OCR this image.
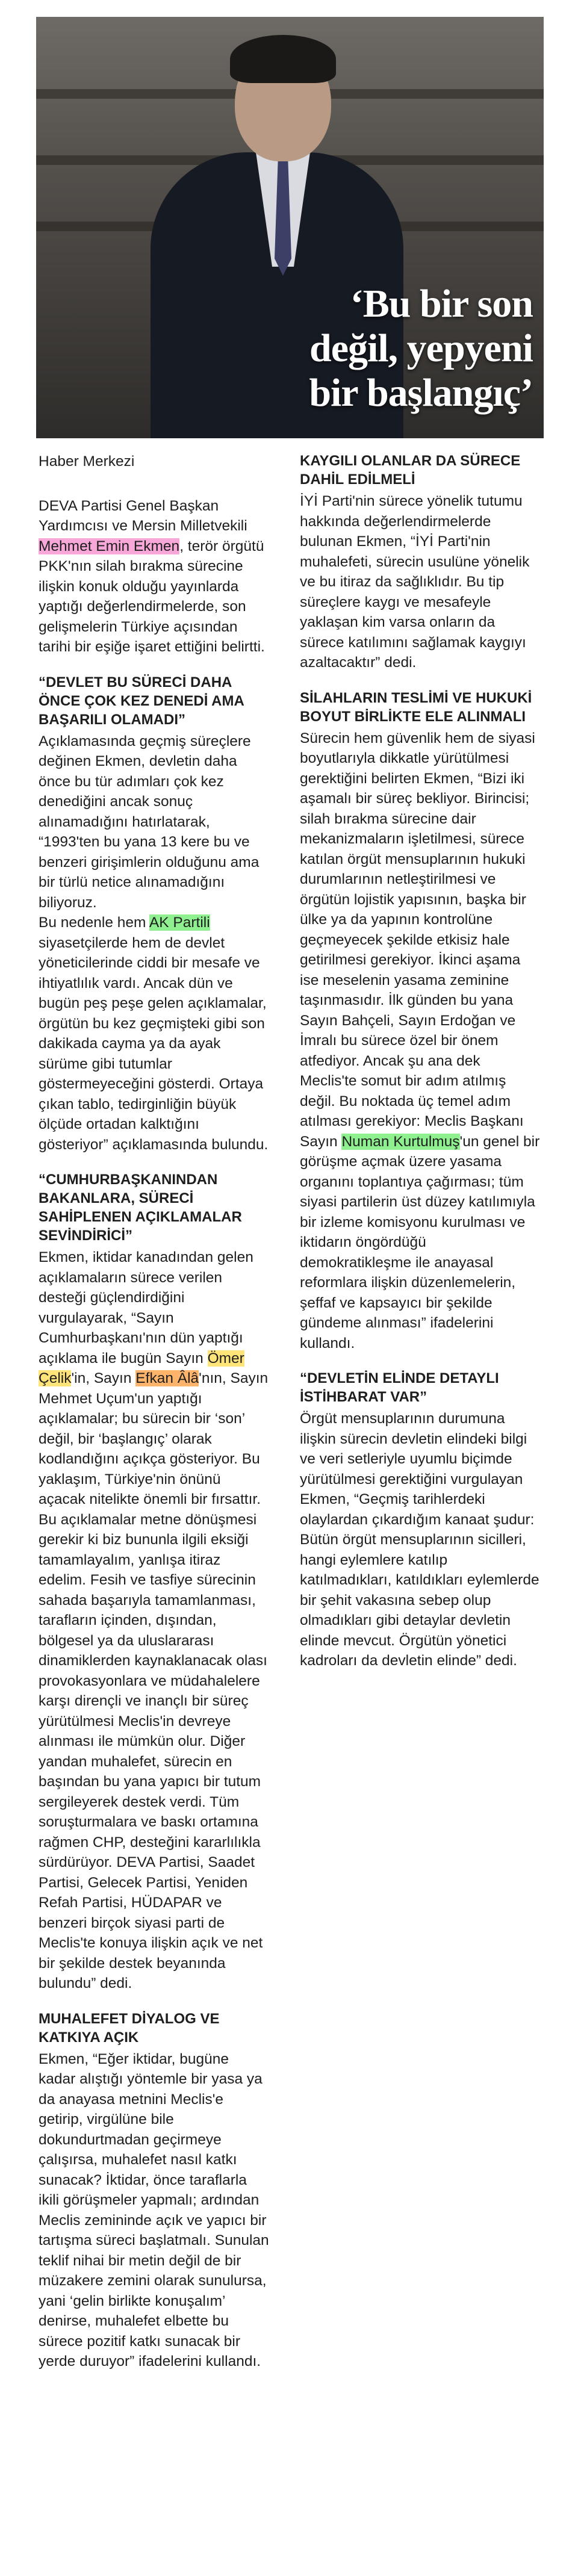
‘Bu bir son
değil, yepyeni
bir başlangıç’

Haber Merkezi

DEVA Partisi Genel Başkan Yardımcısı ve Mersin Milletvekili Mehmet Emin Ekmen, terör örgütü PKK'nın silah bırakma sürecine ilişkin konuk olduğu yayınlarda yaptığı değerlendirmelerde, son gelişmelerin Türkiye açısından tarihi bir eşiğe işaret ettiğini belirtti.

“DEVLET BU SÜRECİ DAHA ÖNCE ÇOK KEZ DENEDİ AMA BAŞARILI OLAMADI”

Açıklamasında geçmiş süreçlere değinen Ekmen, devletin daha önce bu tür adımları çok kez denediğini ancak sonuç alınamadığını hatırlatarak, “1993'ten bu yana 13 kere bu ve benzeri girişimlerin olduğunu ama bir türlü netice alınamadığını biliyoruz.

Bu nedenle hem AK Partili siyasetçilerde hem de devlet yöneticilerinde ciddi bir mesafe ve ihtiyatlılık vardı. Ancak dün ve bugün peş peşe gelen açıklamalar, örgütün bu kez geçmişteki gibi son dakikada cayma ya da ayak sürüme gibi tutumlar göstermeyeceğini gösterdi. Ortaya çıkan tablo, tedirginliğin büyük ölçüde ortadan kalktığını gösteriyor” açıklamasında bulundu.

“CUMHURBAŞKANINDAN BAKANLARA, SÜRECİ SAHİPLENEN AÇIKLAMALAR SEVİNDİRİCİ”

Ekmen, iktidar kanadından gelen açıklamaların sürece verilen desteği güçlendirdiğini vurgulayarak, “Sayın Cumhurbaşkanı'nın dün yaptığı açıklama ile bugün Sayın Ömer Çelik'in, Sayın Efkan Âlâ'nın, Sayın Mehmet Uçum'un yaptığı açıklamalar; bu sürecin bir ‘son’ değil, bir ‘başlangıç’ olarak kodlandığını açıkça gösteriyor. Bu yaklaşım, Türkiye'nin önünü açacak nitelikte önemli bir fırsattır. Bu açıklamalar metne dönüşmesi gerekir ki biz bununla ilgili eksiği tamamlayalım, yanlışa itiraz edelim. Fesih ve tasfiye sürecinin sahada başarıyla tamamlanması, tarafların içinden, dışından, bölgesel ya da uluslararası dinamiklerden kaynaklanacak olası provokasyonlara ve müdahalelere karşı dirençli ve inançlı bir süreç yürütülmesi Meclis'in devreye alınması ile mümkün olur. Diğer yandan muhalefet, sürecin en başından bu yana yapıcı bir tutum sergileyerek destek verdi. Tüm soruşturmalara ve baskı ortamına rağmen CHP, desteğini kararlılıkla sürdürüyor. DEVA Partisi, Saadet Partisi, Gelecek Partisi, Yeniden Refah Partisi, HÜDAPAR ve benzeri birçok siyasi parti de Meclis'te konuya ilişkin açık ve net bir şekilde destek beyanında bulundu” dedi.

MUHALEFET DİYALOG VE KATKIYA AÇIK

Ekmen, “Eğer iktidar, bugüne kadar alıştığı yöntemle bir yasa ya da anayasa metnini Meclis'e getirip, virgülüne bile dokundurtmadan geçirmeye çalışırsa, muhalefet nasıl katkı sunacak? İktidar, önce taraflarla ikili görüşmeler yapmalı; ardından Meclis zemininde açık ve yapıcı bir tartışma süreci başlatmalı. Sunulan teklif nihai bir metin değil de bir müzakere zemini olarak sunulursa, yani ‘gelin birlikte konuşalım’ denirse, muhalefet elbette bu sürece pozitif katkı sunacak bir yerde duruyor” ifadelerini kullandı.

KAYGILI OLANLAR DA SÜRECE DAHİL EDİLMELİ

İYİ Parti'nin sürece yönelik tutumu hakkında değerlendirmelerde bulunan Ekmen, “İYİ Parti'nin muhalefeti, sürecin usulüne yönelik ve bu itiraz da sağlıklıdır. Bu tip süreçlere kaygı ve mesafeyle yaklaşan kim varsa onların da sürece katılımını sağlamak kaygıyı azaltacaktır” dedi.

SİLAHLARIN TESLİMİ VE HUKUKİ BOYUT BİRLİKTE ELE ALINMALI

Sürecin hem güvenlik hem de siyasi boyutlarıyla dikkatle yürütülmesi gerektiğini belirten Ekmen, “Bizi iki aşamalı bir süreç bekliyor. Birincisi; silah bırakma sürecine dair mekanizmaların işletilmesi, sürece katılan örgüt mensuplarının hukuki durumlarının netleştirilmesi ve örgütün lojistik yapısının, başka bir ülke ya da yapının kontrolüne geçmeyecek şekilde etkisiz hale getirilmesi gerekiyor. İkinci aşama ise meselenin yasama zeminine taşınmasıdır. İlk günden bu yana Sayın Bahçeli, Sayın Erdoğan ve İmralı bu sürece özel bir önem atfediyor. Ancak şu ana dek Meclis'te somut bir adım atılmış değil. Bu noktada üç temel adım atılması gerekiyor: Meclis Başkanı Sayın Numan Kurtulmuş'un genel bir görüşme açmak üzere yasama organını toplantıya çağırması; tüm siyasi partilerin üst düzey katılımıyla bir izleme komisyonu kurulması ve iktidarın öngördüğü demokratikleşme ile anayasal reformlara ilişkin düzenlemelerin, şeffaf ve kapsayıcı bir şekilde gündeme alınması” ifadelerini kullandı.

“DEVLETİN ELİNDE DETAYLI İSTİHBARAT VAR”

Örgüt mensuplarının durumuna ilişkin sürecin devletin elindeki bilgi ve veri setleriyle uyumlu biçimde yürütülmesi gerektiğini vurgulayan Ekmen, “Geçmiş tarihlerdeki olaylardan çıkardığım kanaat şudur: Bütün örgüt mensuplarının sicilleri, hangi eylemlere katılıp katılmadıkları, katıldıkları eylemlerde bir şehit vakasına sebep olup olmadıkları gibi detaylar devletin elinde mevcut. Örgütün yönetici kadroları da devletin elinde” dedi.
